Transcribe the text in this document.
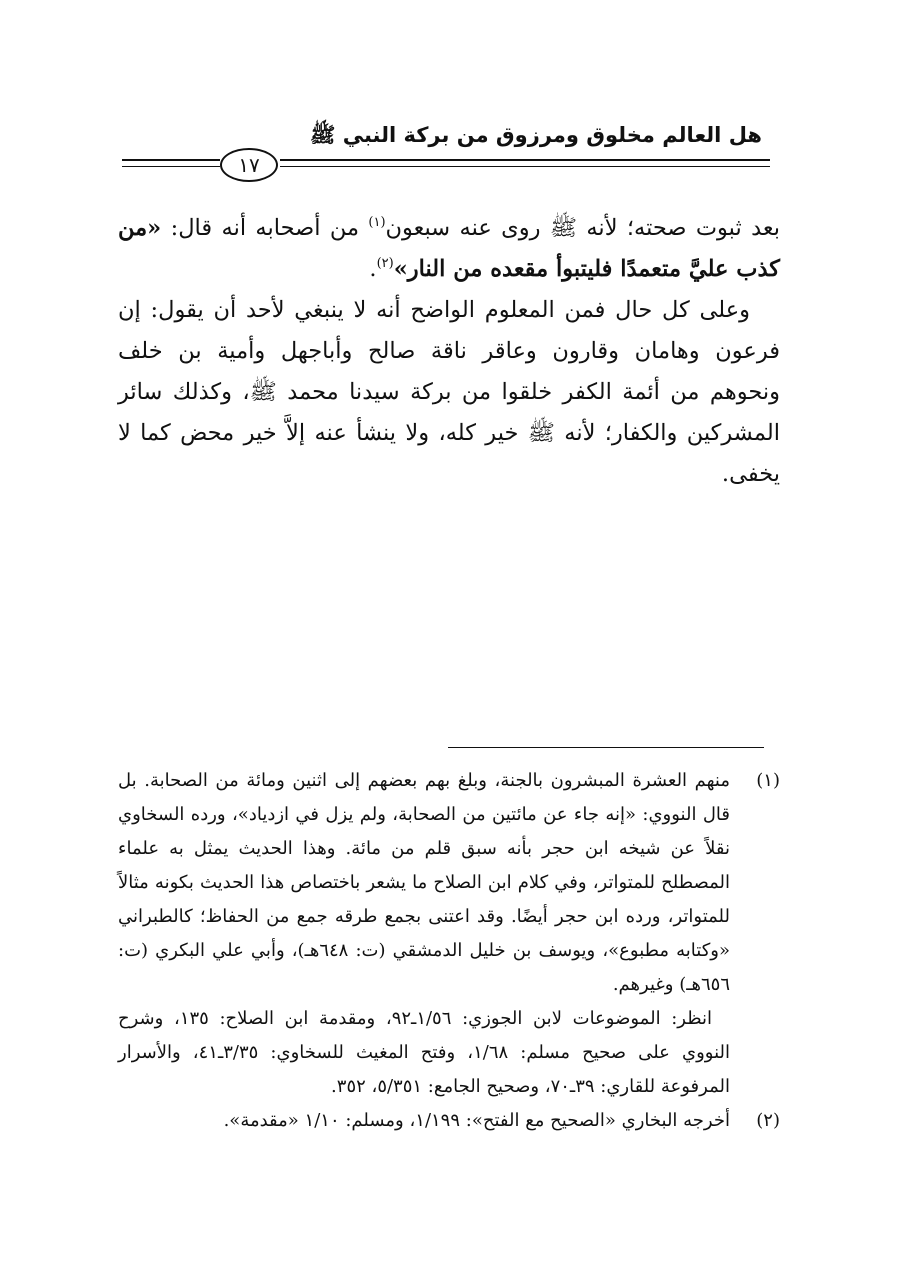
هل العالم مخلوق ومرزوق من بركة النبي ﷺ
١٧

بعد ثبوت صحته؛ لأنه ﷺ روى عنه سبعون$^{(١)}$ من أصحابه أنه قال: «من كذب عليَّ متعمدًا فليتبوأ مقعده من النار»$^{(٢)}$.

وعلى كل حال فمن المعلوم الواضح أنه لا ينبغي لأحد أن يقول: إن فرعون وهامان وقارون وعاقر ناقة صالح وأباجهل وأمية بن خلف ونحوهم من أئمة الكفر خلقوا من بركة سيدنا محمد ﷺ، وكذلك سائر المشركين والكفار؛ لأنه ﷺ خير كله، ولا ينشأ عنه إلاَّ خير محض كما لا يخفى.

(١)

منهم العشرة المبشرون بالجنة، وبلغ بهم بعضهم إلى اثنين ومائة من الصحابة. بل قال النووي: «إنه جاء عن مائتين من الصحابة، ولم يزل في ازدياد»، ورده السخاوي نقلاً عن شيخه ابن حجر بأنه سبق قلم من مائة. وهذا الحديث يمثل به علماء المصطلح للمتواتر، وفي كلام ابن الصلاح ما يشعر باختصاص هذا الحديث بكونه مثالاً للمتواتر، ورده ابن حجر أيضًا. وقد اعتنى بجمع طرقه جمع من الحفاظ؛ كالطبراني «وكتابه مطبوع»، ويوسف بن خليل الدمشقي (ت: ٦٤٨هـ)، وأبي علي البكري (ت: ٦٥٦هـ) وغيرهم.

انظر: الموضوعات لابن الجوزي: ١/٥٦ـ٩٢، ومقدمة ابن الصلاح: ١٣٥، وشرح النووي على صحيح مسلم: ١/٦٨، وفتح المغيث للسخاوي: ٣/٣٥ـ٤١، والأسرار المرفوعة للقاري: ٣٩ـ٧٠، وصحيح الجامع: ٥/٣٥١، ٣٥٢.

(٢)

أخرجه البخاري «الصحيح مع الفتح»: ١/١٩٩، ومسلم: ١/١٠ «مقدمة».
